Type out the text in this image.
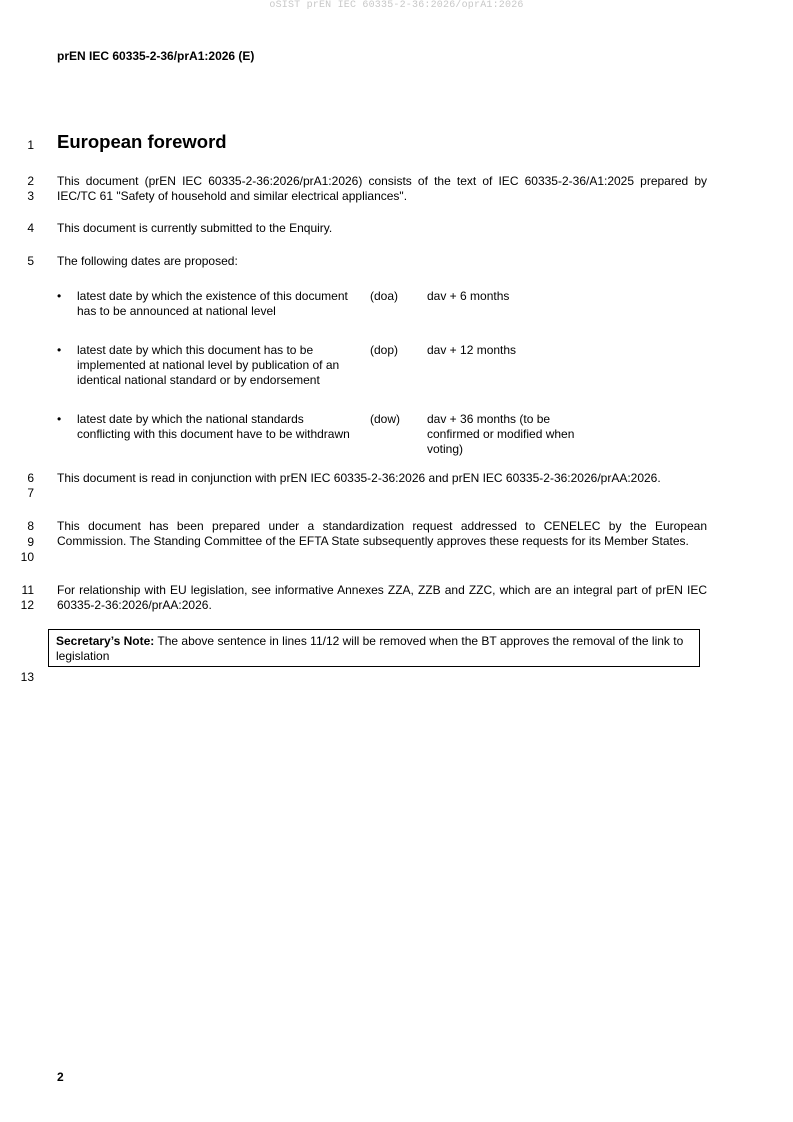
oSIST prEN IEC 60335-2-36:2026/oprA1:2026
prEN IEC 60335-2-36/prA1:2026 (E)
1
2
3
4
5
6
7
8
9
10
11
12
13
European foreword
This document (prEN IEC 60335-2-36:2026/prA1:2026) consists of the text of IEC 60335-2-36/A1:2025 prepared by IEC/TC 61 "Safety of household and similar electrical appliances".
This document is currently submitted to the Enquiry.
The following dates are proposed:
• latest date by which the existence of this document has to be announced at national level
(doa) dav + 6 months
• latest date by which this document has to be implemented at national level by publication of an identical national standard or by endorsement
(dop) dav + 12 months
• latest date by which the national standards conflicting with this document have to be withdrawn
(dow) dav + 36 months (to be confirmed or modified when voting)
This document is read in conjunction with prEN IEC 60335-2-36:2026 and prEN IEC 60335-2-36:2026/prAA:2026.
This document has been prepared under a standardization request addressed to CENELEC by the European Commission. The Standing Committee of the EFTA State subsequently approves these requests for its Member States.
For relationship with EU legislation, see informative Annexes ZZA, ZZB and ZZC, which are an integral part of prEN IEC 60335-2-36:2026/prAA:2026.
Secretary’s Note: The above sentence in lines 11/12 will be removed when the BT approves the removal of the link to legislation
2
